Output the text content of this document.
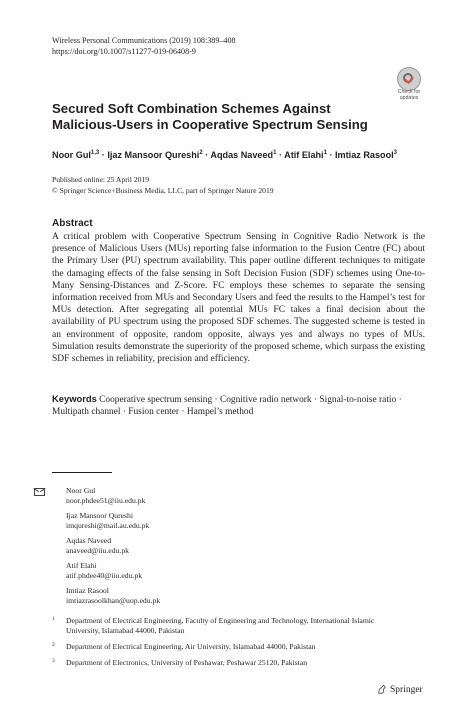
Wireless Personal Communications (2019) 108:389–408
https://doi.org/10.1007/s11277-019-06408-9
Check for
updates
Secured Soft Combination Schemes Against Malicious‑Users in Cooperative Spectrum Sensing
Noor Gul$^{1,3}$ · Ijaz Mansoor Qureshi$^2$ · Aqdas Naveed$^1$ · Atif Elahi$^1$ · Imtiaz Rasool$^3$
Published online: 25 April 2019
© Springer Science+Business Media, LLC, part of Springer Nature 2019
Abstract
A critical problem with Cooperative Spectrum Sensing in Cognitive Radio Network is the presence of Malicious Users (MUs) reporting false information to the Fusion Centre (FC) about the Primary User (PU) spectrum availability. This paper outline different techniques to mitigate the damaging effects of the false sensing in Soft Decision Fusion (SDF) schemes using One-to-Many Sensing-Distances and Z-Score. FC employs these schemes to separate the sensing information received from MUs and Secondary Users and feed the results to the Hampel’s test for MUs detection. After segregating all potential MUs FC takes a final decision about the availability of PU spectrum using the proposed SDF schemes. The suggested scheme is tested in an environment of opposite, random opposite, always yes and always no types of MUs. Simulation results demonstrate the superiority of the proposed scheme, which surpass the existing SDF schemes in reliability, precision and efficiency.
Keywords Cooperative spectrum sensing · Cognitive radio network · Signal-to-noise ratio · Multipath channel · Fusion center · Hampel’s method
Noor Gul
noor.phdee51@iiu.edu.pk
Ijaz Mansoor Qureshi
imqureshi@mail.au.edu.pk
Aqdas Naveed
anaveed@iiu.edu.pk
Atif Elahi
atif.phdee40@iiu.edu.pk
Imtiaz Rasool
imtiazrasoolkhan@uop.edu.pk
1 Department of Electrical Engineering, Faculty of Engineering and Technology, International Islamic University, Islamabad 44000, Pakistan
2 Department of Electrical Engineering, Air University, Islamabad 44000, Pakistan
3 Department of Electronics, University of Peshawar, Peshawar 25120, Pakistan
Springer
